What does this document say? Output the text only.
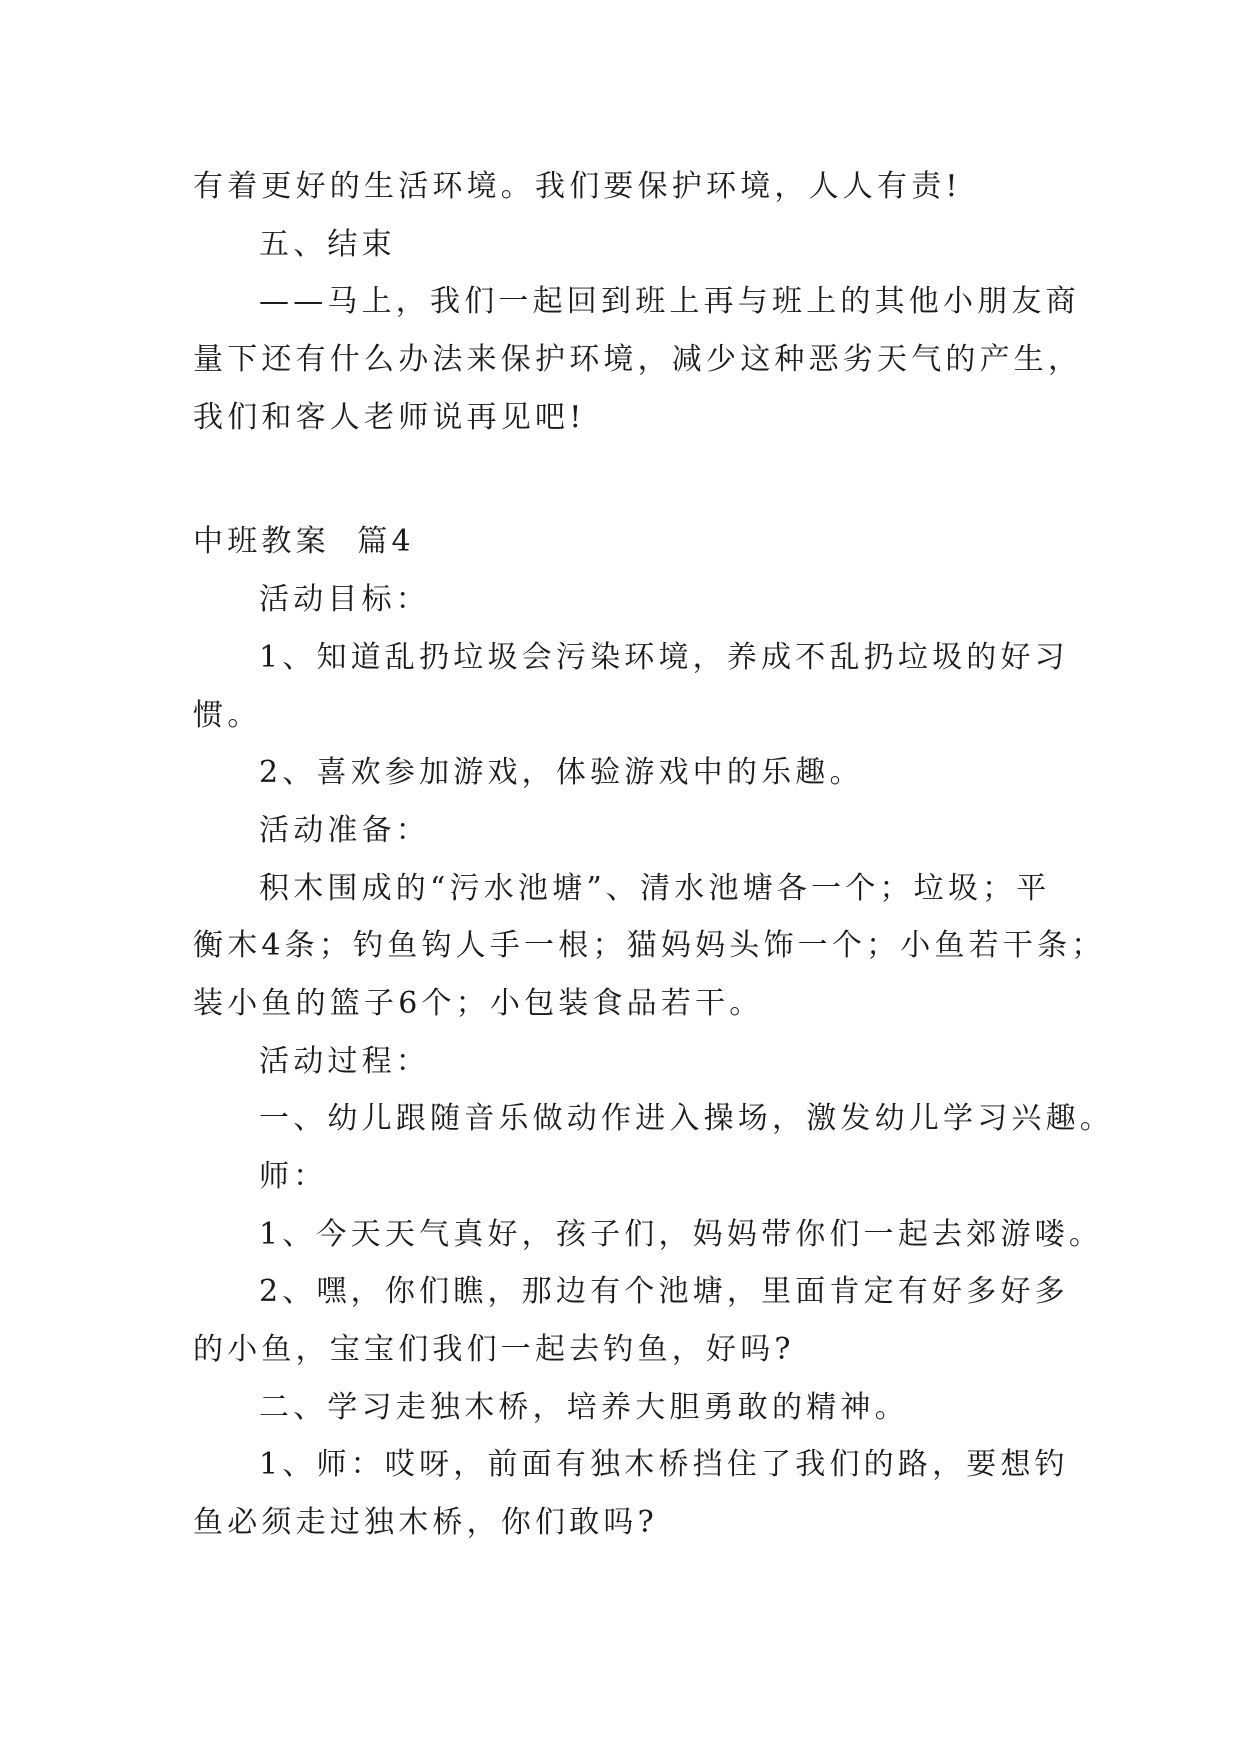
有着更好的生活环境。我们要保护环境，人人有责!

五、结束

——马上，我们一起回到班上再与班上的其他小朋友商

量下还有什么办法来保护环境，减少这种恶劣天气的产生，

我们和客人老师说再见吧!

中班教案  篇4

活动目标：

1、知道乱扔垃圾会污染环境，养成不乱扔垃圾的好习

惯。

2、喜欢参加游戏，体验游戏中的乐趣。

活动准备：

积木围成的“污水池塘”、清水池塘各一个；垃圾；平

衡木4条；钓鱼钩人手一根；猫妈妈头饰一个；小鱼若干条；

装小鱼的篮子6个；小包装食品若干。

活动过程：

一、幼儿跟随音乐做动作进入操场，激发幼儿学习兴趣。

师：

1、今天天气真好，孩子们，妈妈带你们一起去郊游喽。

2、嘿，你们瞧，那边有个池塘，里面肯定有好多好多

的小鱼，宝宝们我们一起去钓鱼，好吗?

二、学习走独木桥，培养大胆勇敢的精神。

1、师：哎呀，前面有独木桥挡住了我们的路，要想钓

鱼必须走过独木桥，你们敢吗?
